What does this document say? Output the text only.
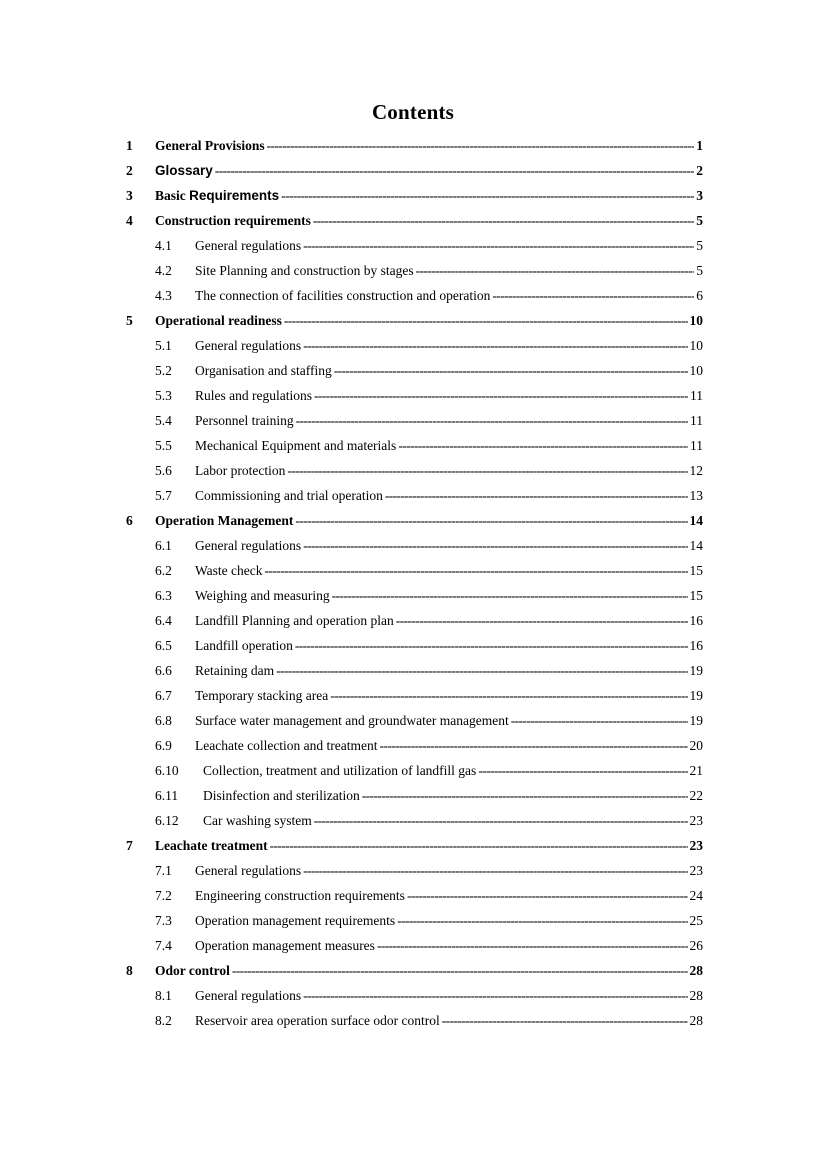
Contents
1	General Provisions -----	1
2	Glossary -----	2
3	Basic Requirements -----	3
4	Construction requirements -----	5
4.1	General regulations -----	5
4.2	Site Planning and construction by stages -----	5
4.3	The connection of facilities construction and operation -----	6
5	Operational readiness -----	10
5.1	General regulations -----	10
5.2	Organisation and staffing -----	10
5.3	Rules and regulations -----	11
5.4	Personnel training -----	11
5.5	Mechanical Equipment and materials -----	11
5.6	Labor protection -----	12
5.7	Commissioning and trial operation -----	13
6	Operation Management -----	14
6.1	General regulations -----	14
6.2	Waste check -----	15
6.3	Weighing and measuring -----	15
6.4	Landfill Planning and operation plan -----	16
6.5	Landfill operation -----	16
6.6	Retaining dam -----	19
6.7	Temporary stacking area -----	19
6.8	Surface water management and groundwater management -----	19
6.9	Leachate collection and treatment -----	20
6.10	Collection, treatment and utilization of landfill gas -----	21
6.11	Disinfection and sterilization -----	22
6.12	Car washing system -----	23
7	Leachate treatment -----	23
7.1	General regulations -----	23
7.2	Engineering construction requirements -----	24
7.3	Operation management requirements -----	25
7.4	Operation management measures -----	26
8	Odor control -----	28
8.1	General regulations -----	28
8.2	Reservoir area operation surface odor control -----	28
